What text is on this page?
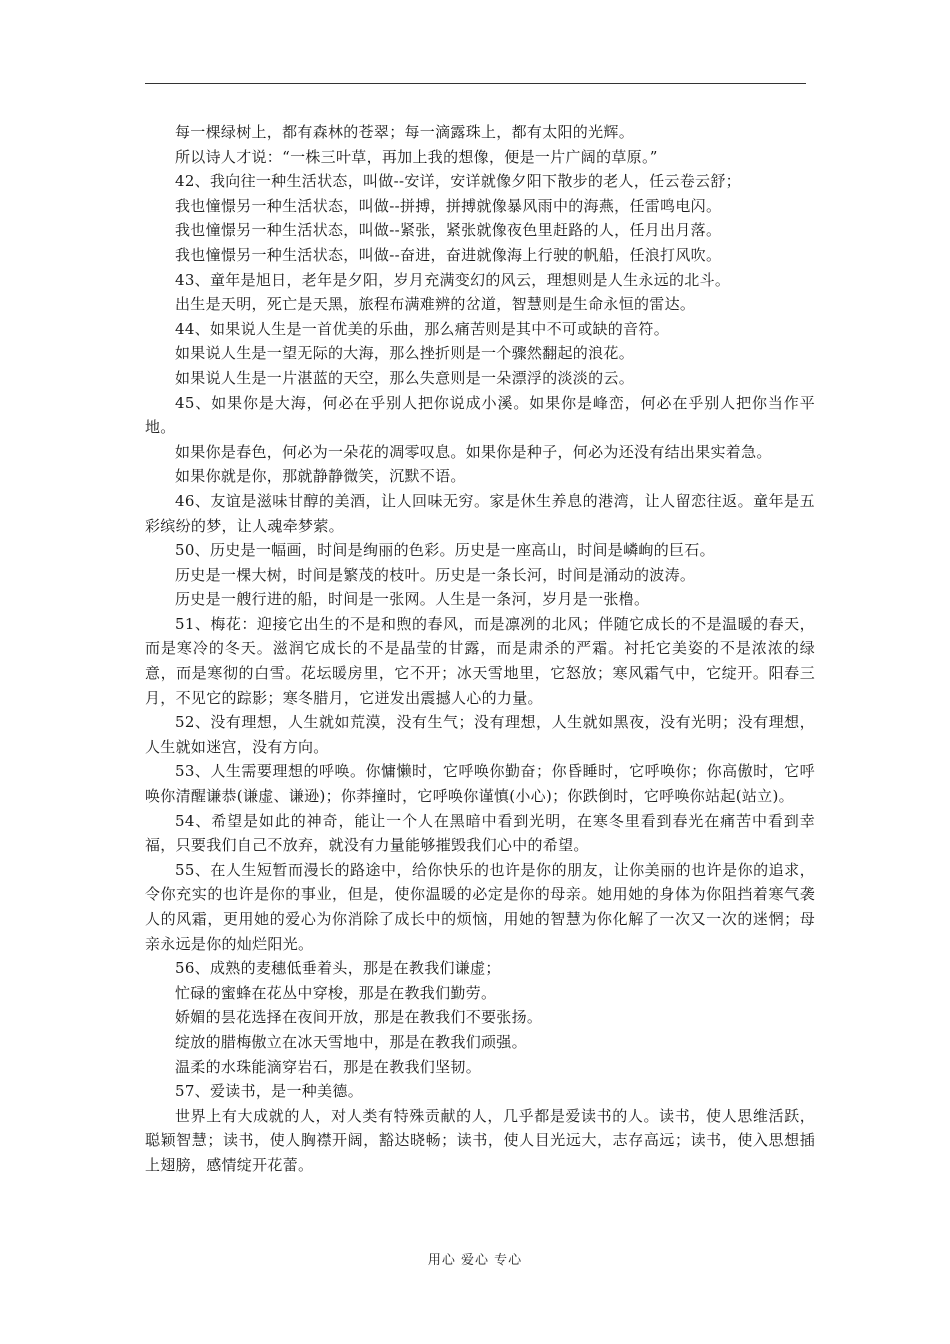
每一棵绿树上，都有森林的苍翠；每一滴露珠上，都有太阳的光辉。

所以诗人才说：“一株三叶草，再加上我的想像，便是一片广阔的草原。”

42、我向往一种生活状态，叫做--安详，安详就像夕阳下散步的老人，任云卷云舒；

我也憧憬另一种生活状态，叫做--拼搏，拼搏就像暴风雨中的海燕，任雷鸣电闪。

我也憧憬另一种生活状态，叫做--紧张，紧张就像夜色里赶路的人，任月出月落。

我也憧憬另一种生活状态，叫做--奋进，奋进就像海上行驶的帆船，任浪打风吹。

43、童年是旭日，老年是夕阳，岁月充满变幻的风云，理想则是人生永远的北斗。

出生是天明，死亡是天黑，旅程布满难辨的岔道，智慧则是生命永恒的雷达。

44、如果说人生是一首优美的乐曲，那么痛苦则是其中不可或缺的音符。

如果说人生是一望无际的大海，那么挫折则是一个骤然翻起的浪花。

如果说人生是一片湛蓝的天空，那么失意则是一朵漂浮的淡淡的云。

45、如果你是大海，何必在乎别人把你说成小溪。如果你是峰峦，何必在乎别人把你当作平地。

如果你是春色，何必为一朵花的凋零叹息。如果你是种子，何必为还没有结出果实着急。

如果你就是你，那就静静微笑，沉默不语。

46、友谊是滋味甘醇的美酒，让人回味无穷。家是休生养息的港湾，让人留恋往返。童年是五彩缤纷的梦，让人魂牵梦萦。

50、历史是一幅画，时间是绚丽的色彩。历史是一座高山，时间是嶙峋的巨石。

历史是一棵大树，时间是繁茂的枝叶。历史是一条长河，时间是涌动的波涛。

历史是一艘行进的船，时间是一张网。人生是一条河，岁月是一张橹。

51、梅花：迎接它出生的不是和煦的春风，而是凛冽的北风；伴随它成长的不是温暖的春天，而是寒冷的冬天。滋润它成长的不是晶莹的甘露，而是肃杀的严霜。衬托它美姿的不是浓浓的绿意，而是寒彻的白雪。花坛暖房里，它不开；冰天雪地里，它怒放；寒风霜气中，它绽开。阳春三月，不见它的踪影；寒冬腊月，它迸发出震撼人心的力量。

52、没有理想，人生就如荒漠，没有生气；没有理想，人生就如黑夜，没有光明；没有理想，人生就如迷宫，没有方向。

53、人生需要理想的呼唤。你慵懒时，它呼唤你勤奋；你昏睡时，它呼唤你；你高傲时，它呼唤你清醒谦恭(谦虚、谦逊)；你莽撞时，它呼唤你谨慎(小心)；你跌倒时，它呼唤你站起(站立)。

54、希望是如此的神奇，能让一个人在黑暗中看到光明，在寒冬里看到春光在痛苦中看到幸福，只要我们自己不放弃，就没有力量能够摧毁我们心中的希望。

55、在人生短暂而漫长的路途中，给你快乐的也许是你的朋友，让你美丽的也许是你的追求，令你充实的也许是你的事业，但是，使你温暖的必定是你的母亲。她用她的身体为你阻挡着寒气袭人的风霜，更用她的爱心为你消除了成长中的烦恼，用她的智慧为你化解了一次又一次的迷惘；母亲永远是你的灿烂阳光。

56、成熟的麦穗低垂着头，那是在教我们谦虚；

忙碌的蜜蜂在花丛中穿梭，那是在教我们勤劳。

娇媚的昙花选择在夜间开放，那是在教我们不要张扬。

绽放的腊梅傲立在冰天雪地中，那是在教我们顽强。

温柔的水珠能滴穿岩石，那是在教我们坚韧。

57、爱读书，是一种美德。

世界上有大成就的人，对人类有特殊贡献的人，几乎都是爱读书的人。读书，使人思维活跃，聪颖智慧；读书，使人胸襟开阔，豁达晓畅；读书，使人目光远大，志存高远；读书，使入思想插上翅膀，感情绽开花蕾。

用心 爱心 专心
